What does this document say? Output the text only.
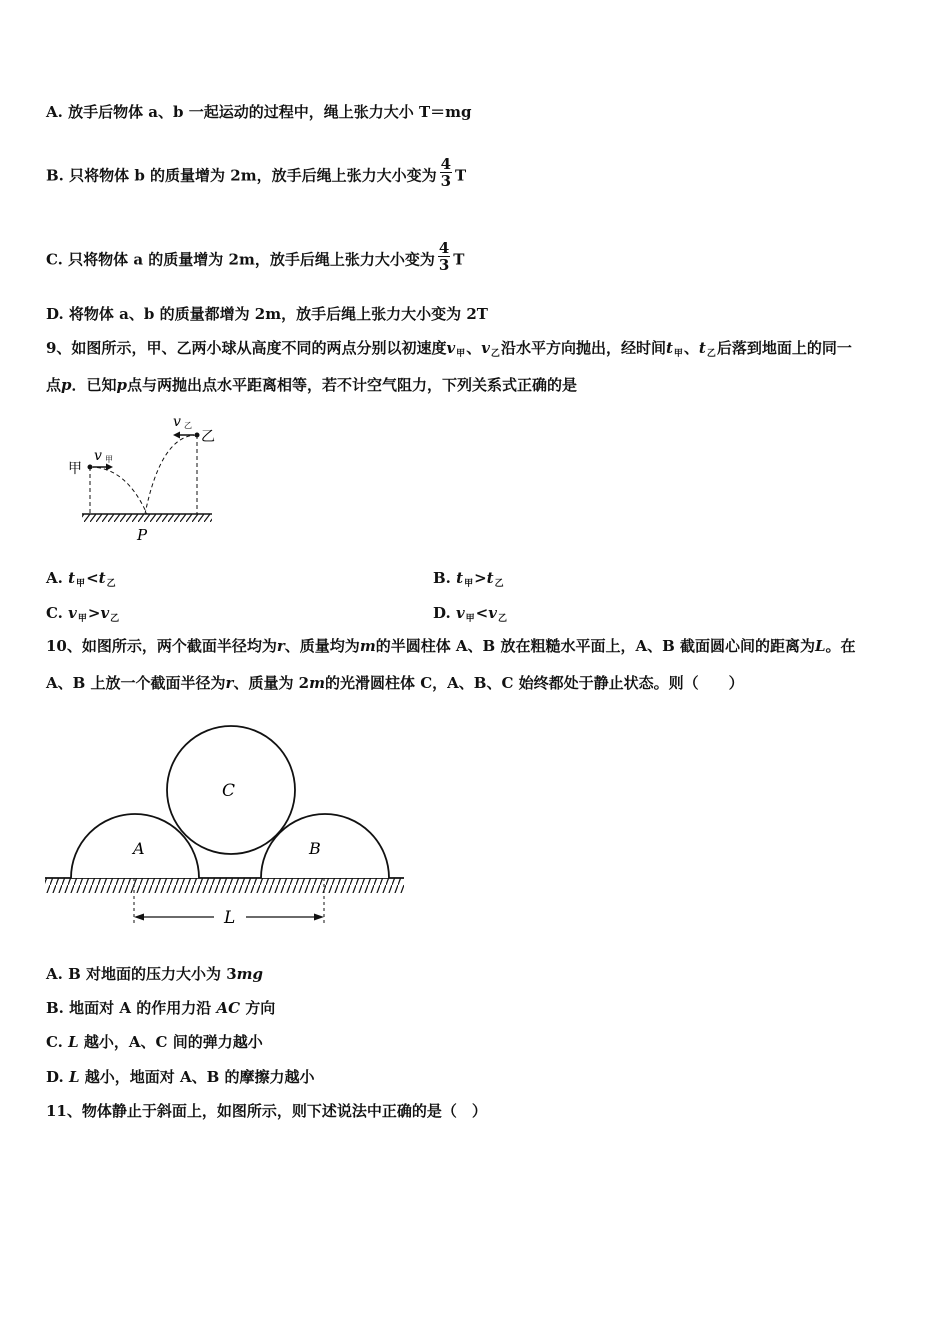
A. 放手后物体 a、b 一起运动的过程中，绳上张力大小 T＝mg
B. 只将物体 b 的质量增为 2m，放手后绳上张力大小变为 $\frac{4}{3}$ T
C. 只将物体 a 的质量增为 2m，放手后绳上张力大小变为 $\frac{4}{3}$ T
D. 将物体 a、b 的质量都增为 2m，放手后绳上张力大小变为 2T
9、如图所示，甲、乙两小球从高度不同的两点分别以初速度$v_甲$、$v_乙$沿水平方向抛出，经时间$t_甲$、$t_乙$后落到地面上的同一
点p．已知p点与两抛出点水平距离相等，若不计空气阻力，下列关系式正确的是
甲
乙
v 甲
v 乙
P
A. $t_甲<t_乙$	B. $t_甲>t_乙$
C. $v_甲>v_乙$	D. $v_甲<v_乙$
10、如图所示，两个截面半径均为r、质量均为m的半圆柱体 A、B 放在粗糙水平面上，A、B 截面圆心间的距离为L。在
A、B 上放一个截面半径为r、质量为 2m的光滑圆柱体 C，A、B、C 始终都处于静止状态。则（　　）
A	B
C
L
A. B 对地面的压力大小为 3mg
B. 地面对 A 的作用力沿 AC 方向
C. L 越小，A、C 间的弹力越小
D. L 越小，地面对 A、B 的摩擦力越小
11、物体静止于斜面上，如图所示，则下述说法中正确的是（　）
